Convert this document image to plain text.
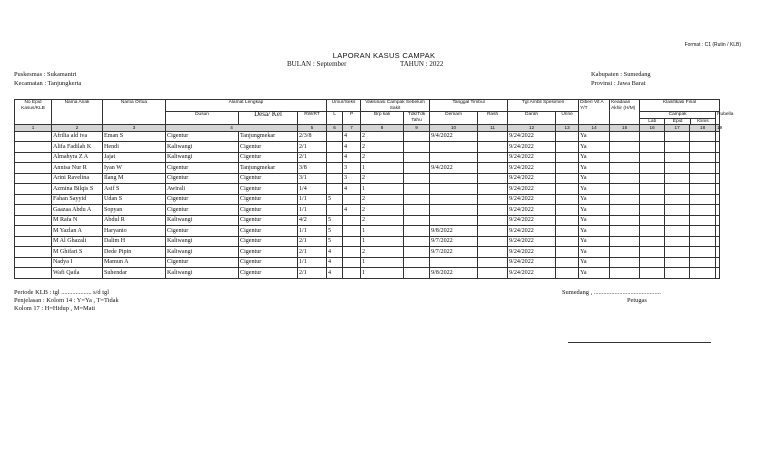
Format : C1 (Rutin / KLB)
LAPORAN KASUS CAMPAK
BULAN : September	TAHUN : 2022
Puskesmas : Sukamantri
Kecamatan : Tanjungkerta
Kabupaten : Sumedang
Provinsi : Jawa Barat
No Epid Kasus/KLB	Nama Anak	Nama Ortua	Alamat Lengkap			Umur/Seks		Vaksinasi Campak Sebelum Sakit		Tanggal Timbul		Tgl Ambil Spesimen		Diberi Vit A Y/T	Keadaan Akhir (H/M)	Klasifikasi Final			
			Dusun	Desa/ Kel	RW/RT	L	P	Brp kali	Tdk/Tdk Tahu	Demam	Rash	Darah	Urine			Campak
Lab Epid Klinis			Rubella
1	2	3	4		5	6	7	8	9	10	11	12	13	14	15	16	17	18	19
	Afrilia ald iva	Eman S	Cigentur	Tanjungmekar	2/3/8		4	2		9/4/2022		9/24/2022		Ya					
	Alifa Fadilah K	Hendi	Kaliwangi	Cigentur	2/1		4	2				9/24/2022		Ya					
	Almahyra Z A	Jajat	Kaliwangi	Cigentur	2/1		4	2				9/24/2022		Ya					
	Annisa Nur R	Iyan W	Cigentur	Tanjungmekar	3/8		3	1		9/4/2022		9/24/2022		Ya					
	Arini Ravelina	Ilang M	Cigentur	Cigentur	3/1		3	2				9/24/2022		Ya					
	Azmina Bilqis S	Asif S	Awirali	Cigentur	1/4		4	1				9/24/2022		Ya					
	Fahan Sayyid	Udan S	Cigentur	Cigentur	1/1	5		2				9/24/2022		Ya					
	Gaazaa Abdu A	Sopyan	Cigentur	Cigentur	1/1		4	2				9/24/2022		Ya					
	M Rafa N	Abdul R	Kaliwangi	Cigentur	4/2	5		2				9/24/2022		Ya					
	M Yazlan A	Haryanto	Cigentur	Cigentur	1/1	5		1		9/8/2022		9/24/2022		Ya					
	M Al Ghazali	Dalim H	Kaliwangi	Cigentur	2/1	5		1		9/7/2022		9/24/2022		Ya					
	M Ghifari S	Dede Pipin	Kaliwangi	Cigentur	2/1	4		2		9/7/2022		9/24/2022		Ya					
	Nadya I	Mamun A	Cigentur	Cigentur	1/1	4		1				9/24/2022		Ya					
	Wafi Qaila	Suhendar	Kaliwangi	Cigentur	2/1	4		1		9/8/2022		9/24/2022		Ya					
Periode KLB : tgl ................... s/d tgl
Penjelasan : Kolom 14 : Y=Ya , T=Tidak
Kolom 17 : H=Hidup , M=Mati
Sumedang , ..........................................
Petugas
